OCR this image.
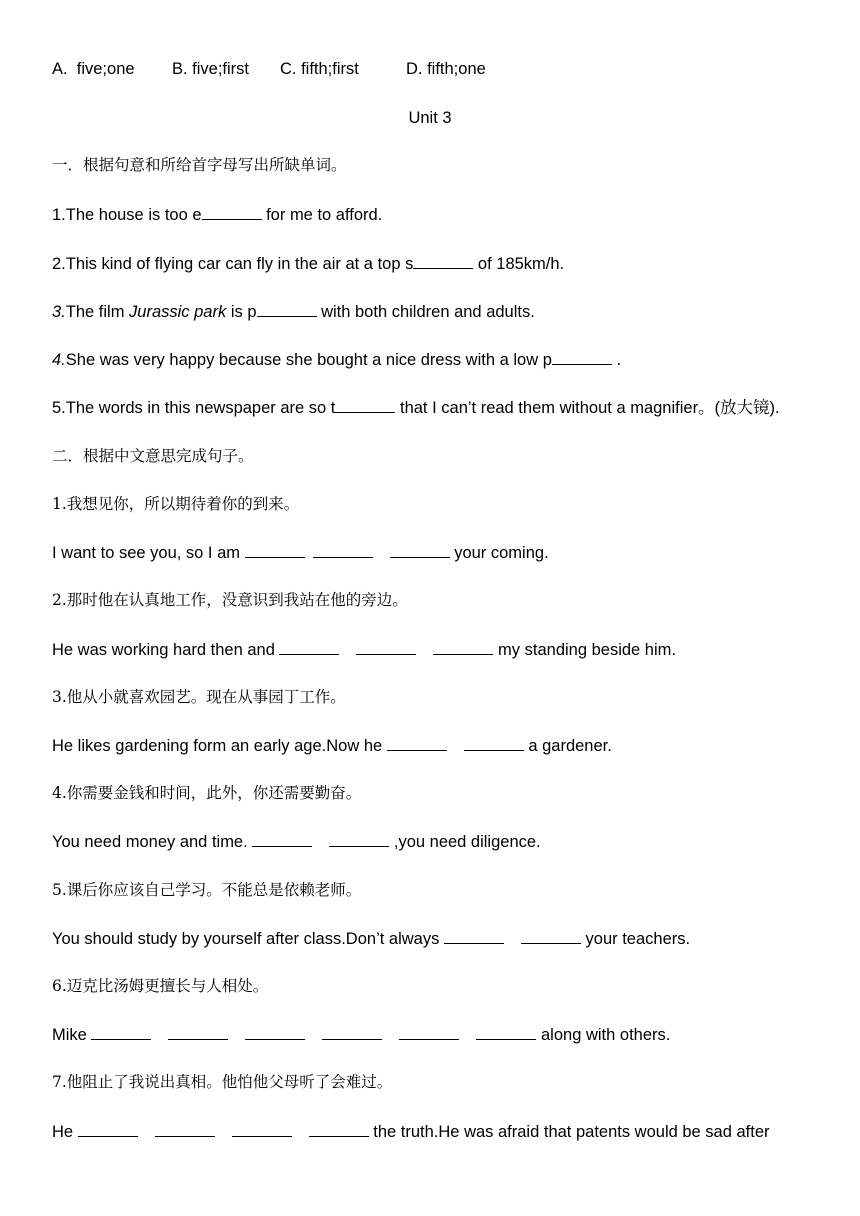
A.  five;one B. five;first C. fifth;first	D. fifth;one
Unit 3
一．根据句意和所给首字母写出所缺单词。
1.The house is too e	for me to afford.
2.This kind of flying car can fly in the air at a top s	of 185km/h.
3.The film Jurassic park is p	with both children and adults.
4.She was very happy because she bought a nice dress with a low p	.
5.The words in this newspaper are so t	that I can’t read them without a magnifier。(放大镜).
二．根据中文意思完成句子。
1.我想见你，所以期待着你的到来。
I want to see you, so I am	your coming.
2.那时他在认真地工作，没意识到我站在他的旁边。
He was working hard then and	my standing beside him.
3.他从小就喜欢园艺。现在从事园丁工作。
He likes gardening form an early age.Now he	a gardener.
4.你需要金钱和时间，此外，你还需要勤奋。
You need money and time.	,you need diligence.
5.课后你应该自己学习。不能总是依赖老师。
You should study by yourself after class.Don’t always	your teachers.
6.迈克比汤姆更擅长与人相处。
Mike	along with others.
7.他阻止了我说出真相。他怕他父母听了会难过。
He	the truth.He was afraid that patents would be sad after
